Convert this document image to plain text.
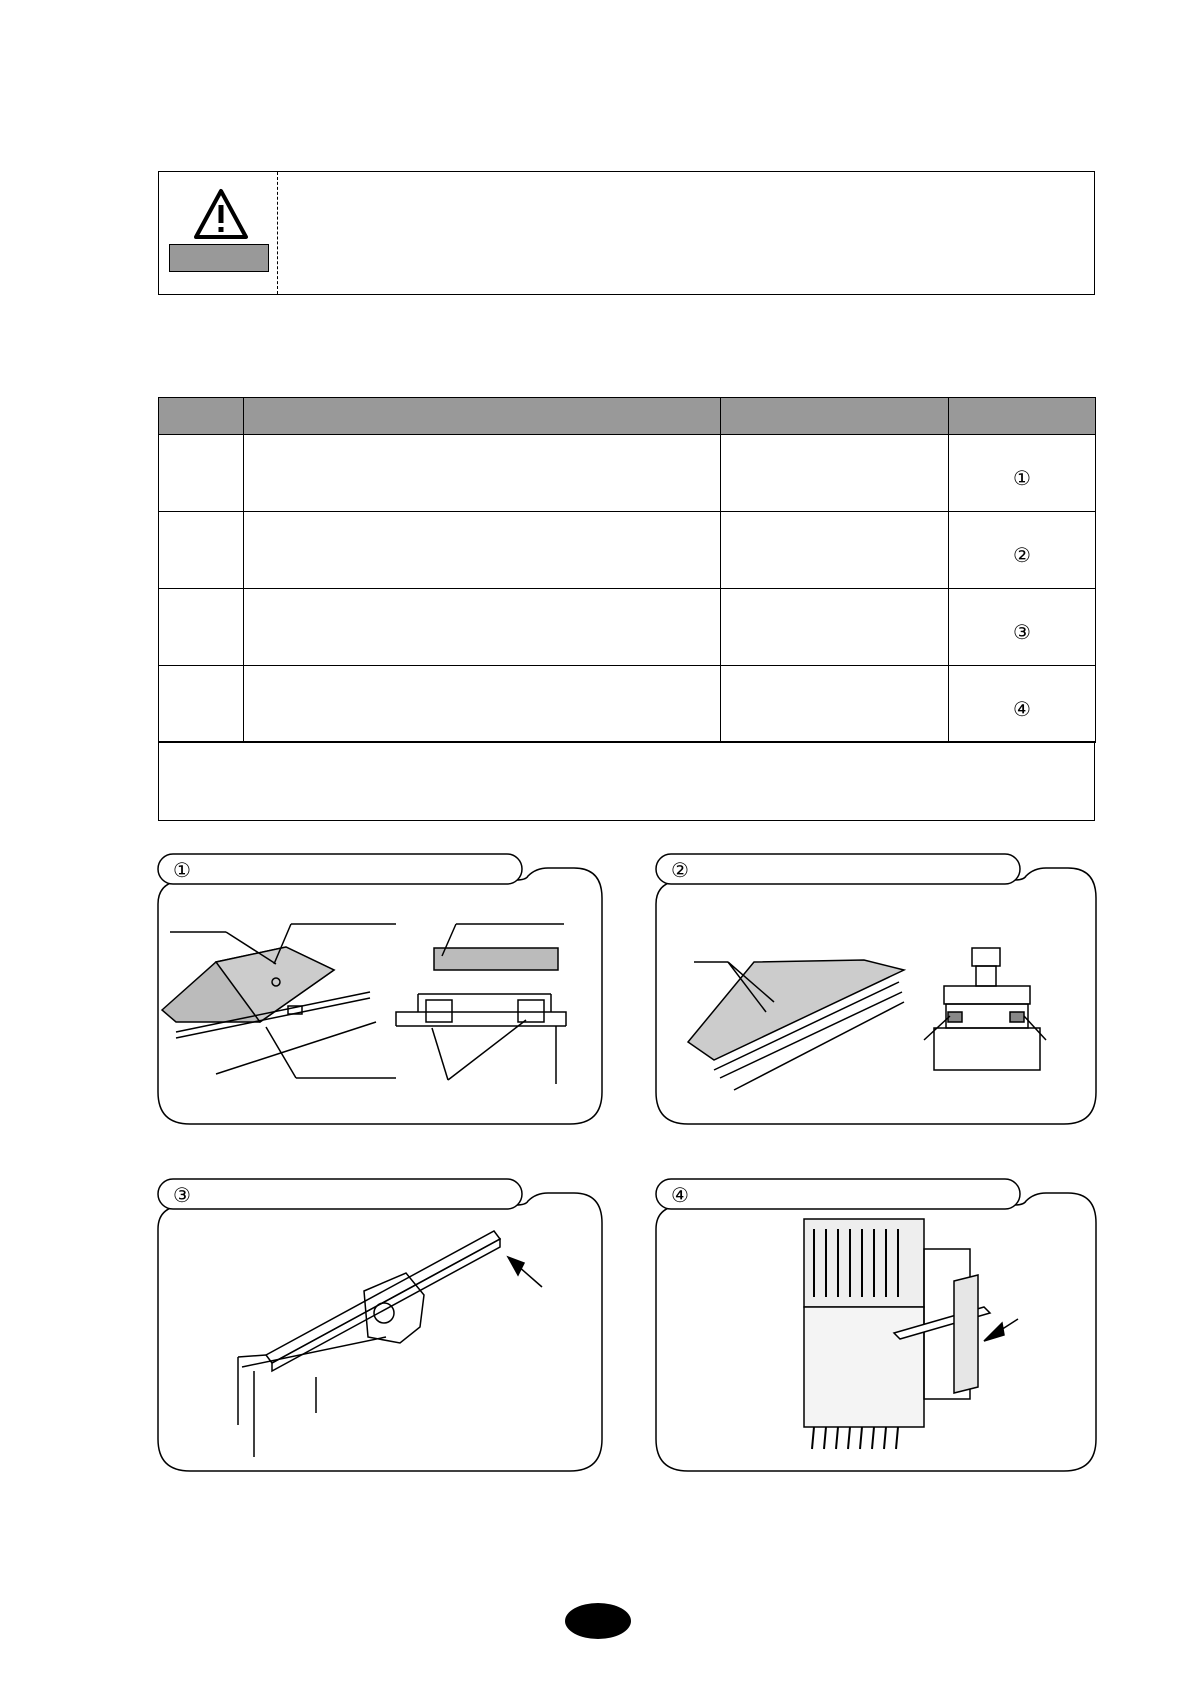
			①
			②
			③
			④
①	②
③	④
